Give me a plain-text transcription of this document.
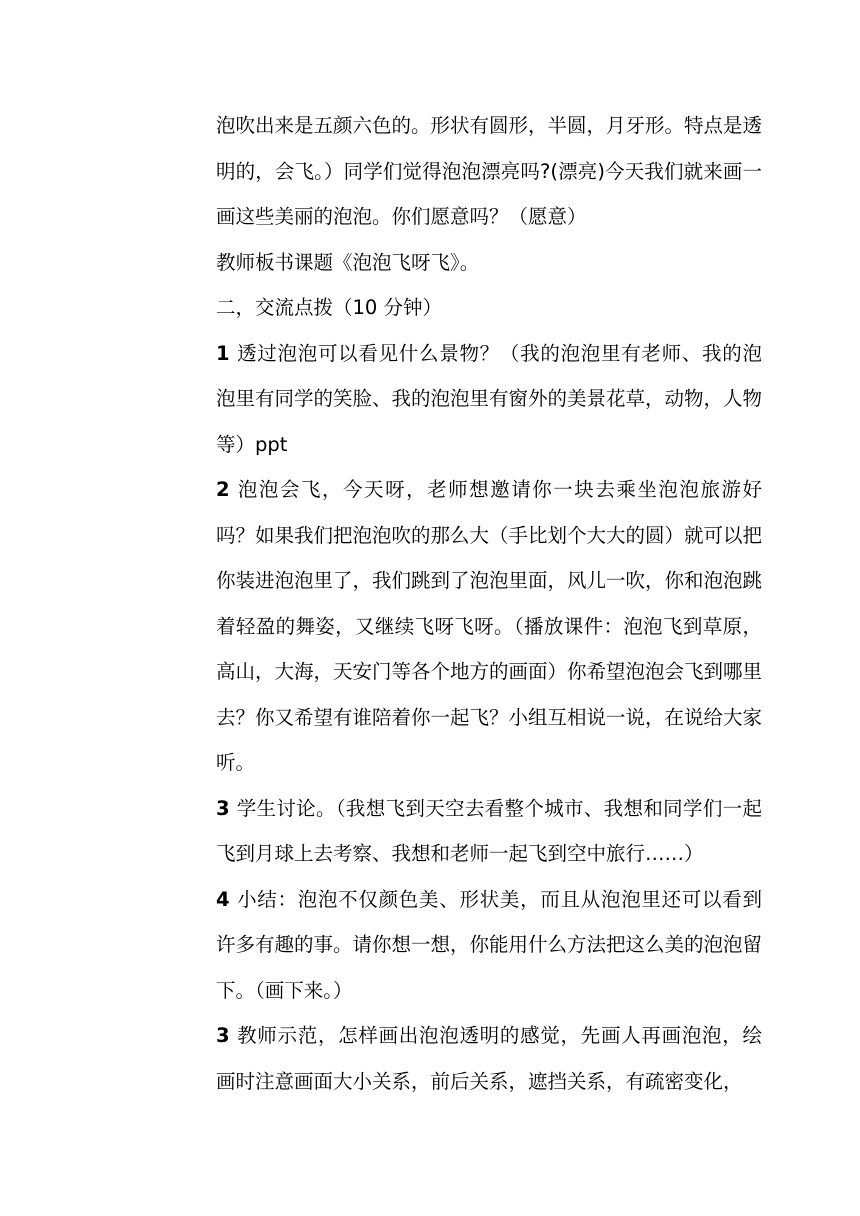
泡吹出来是五颜六色的。形状有圆形，半圆，月牙形。特点是透明的，会飞。）同学们觉得泡泡漂亮吗?(漂亮)今天我们就来画一画这些美丽的泡泡。你们愿意吗？（愿意）

教师板书课题《泡泡飞呀飞》。

二，交流点拨（10 分钟）

1 透过泡泡可以看见什么景物？（我的泡泡里有老师、我的泡泡里有同学的笑脸、我的泡泡里有窗外的美景花草，动物，人物等）ppt

2 泡泡会飞，今天呀，老师想邀请你一块去乘坐泡泡旅游好吗？如果我们把泡泡吹的那么大（手比划个大大的圆）就可以把你装进泡泡里了，我们跳到了泡泡里面，风儿一吹，你和泡泡跳着轻盈的舞姿，又继续飞呀飞呀。（播放课件：泡泡飞到草原，高山，大海，天安门等各个地方的画面）你希望泡泡会飞到哪里去？你又希望有谁陪着你一起飞？小组互相说一说，在说给大家听。

3 学生讨论。（我想飞到天空去看整个城市、我想和同学们一起飞到月球上去考察、我想和老师一起飞到空中旅行……）

4 小结：泡泡不仅颜色美、形状美，而且从泡泡里还可以看到许多有趣的事。请你想一想，你能用什么方法把这么美的泡泡留下。（画下来。）

3 教师示范，怎样画出泡泡透明的感觉，先画人再画泡泡，绘画时注意画面大小关系，前后关系，遮挡关系，有疏密变化，
